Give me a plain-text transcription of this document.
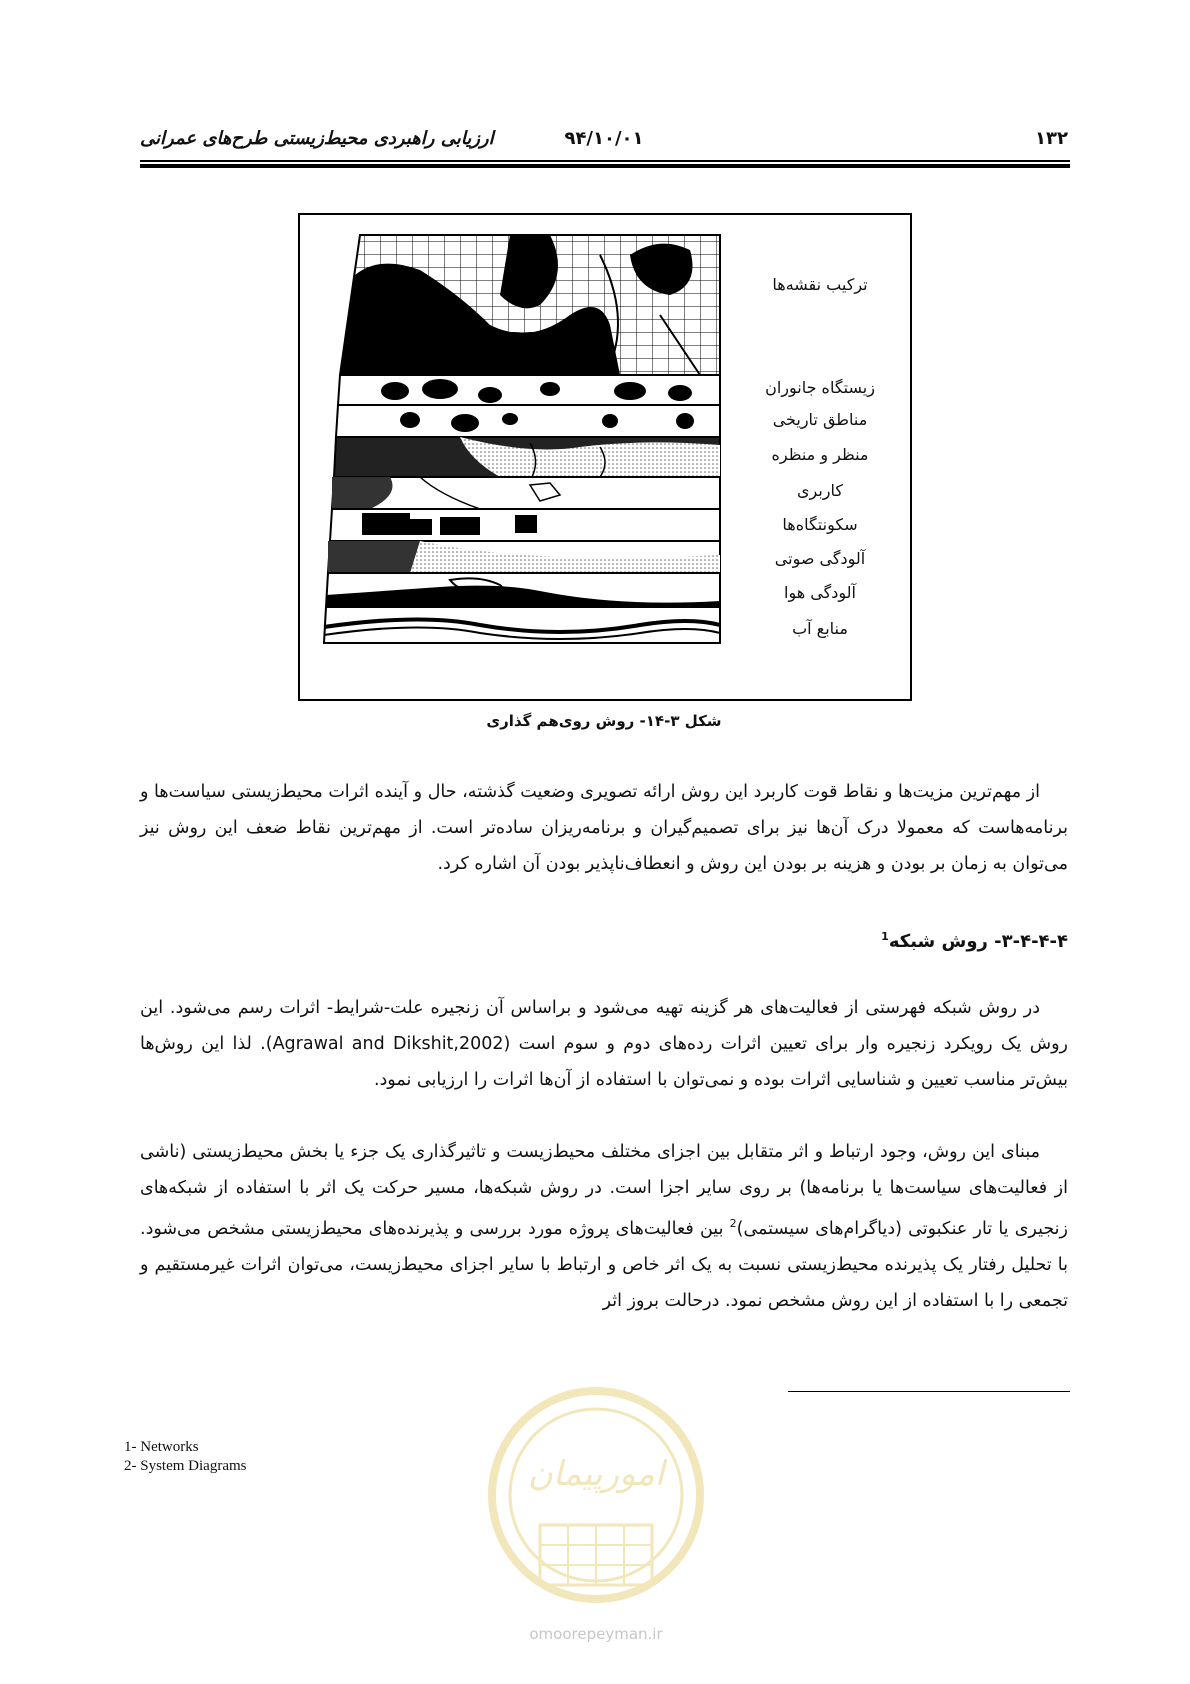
۱۳۲
۹۴/۱۰/۰۱
ارزیابی راهبردی محیط‌زیستی طرح‌های عمرانی
ترکیب نقشه‌ها
زیستگاه جانوران
مناطق تاریخی
منظر و منظره
کاربری
سکونتگاه‌ها
آلودگی صوتی
آلودگی هوا
منابع آب
شکل ۳-۱۴- روش روی‌هم گذاری

از مهم‌ترین مزیت‌ها و نقاط قوت کاربرد این روش ارائه تصویری وضعیت گذشته، حال و آینده اثرات محیط‌زیستی سیاست‌ها و برنامه‌هاست که معمولا درک آن‌ها نیز برای تصمیم‌گیران و برنامه‌ریزان ساده‌تر است. از مهم‌ترین نقاط ضعف این روش نیز می‌توان به زمان بر بودن و هزینه بر بودن این روش و انعطاف‌ناپذیر بودن آن اشاره کرد.

۳-۴-۴-۴- روش شبکه$^1$

در روش شبکه فهرستی از فعالیت‌های هر گزینه تهیه می‌شود و براساس آن زنجیره علت-شرایط- اثرات رسم می‌شود. این روش یک رویکرد زنجیره وار برای تعیین اثرات رده‌های دوم و سوم است (Agrawal and Dikshit,2002). لذا این روش‌ها بیش‌تر مناسب تعیین و شناسایی اثرات بوده و نمی‌توان با استفاده از آن‌ها اثرات را ارزیابی نمود.

مبنای این روش، وجود ارتباط و اثر متقابل بین اجزای مختلف محیط‌زیست و تاثیرگذاری یک جزء یا بخش محیط‌زیستی (ناشی از فعالیت‌های سیاست‌ها یا برنامه‌ها) بر روی سایر اجزا است. در روش شبکه‌ها، مسیر حرکت یک اثر با استفاده از شبکه‌های زنجیری یا تار عنکبوتی (دیاگرام‌های سیستمی)$^2$ بین فعالیت‌های پروژه مورد بررسی و پذیرنده‌های محیط‌زیستی مشخص می‌شود. با تحلیل رفتار یک پذیرنده محیط‌زیستی نسبت به یک اثر خاص و ارتباط با سایر اجزای محیط‌زیست، می‌توان اثرات غیرمستقیم و تجمعی را با استفاده از این روش مشخص نمود. درحالت بروز اثر

1- Networks
2- System Diagrams	امورپیمان
omoorepeyman.ir
